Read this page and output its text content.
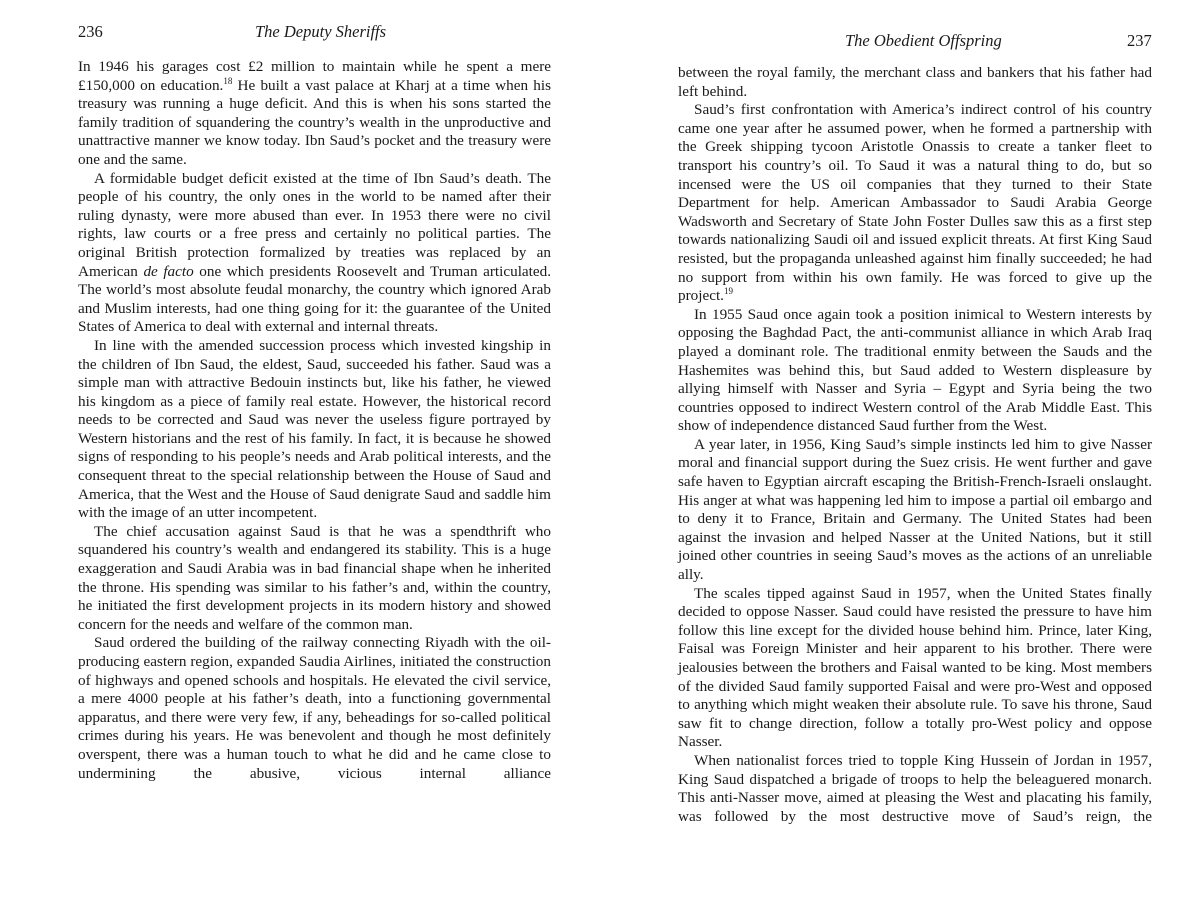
236	The Deputy Sheriffs

In 1946 his garages cost £2 million to maintain while he spent a mere £150,000 on education.$^{18}$ He built a vast palace at Kharj at a time when his treasury was running a huge deficit. And this is when his sons started the family tradition of squandering the country’s wealth in the unproductive and unattractive manner we know today. Ibn Saud’s pocket and the treasury were one and the same.

A formidable budget deficit existed at the time of Ibn Saud’s death. The people of his country, the only ones in the world to be named after their ruling dynasty, were more abused than ever. In 1953 there were no civil rights, law courts or a free press and certainly no political parties. The original British protection formalized by treaties was replaced by an American de facto one which presidents Roosevelt and Truman articulated. The world’s most absolute feudal monarchy, the country which ignored Arab and Muslim interests, had one thing going for it: the guarantee of the United States of America to deal with external and internal threats.

In line with the amended succession process which invested kingship in the children of Ibn Saud, the eldest, Saud, succeeded his father. Saud was a simple man with attractive Bedouin instincts but, like his father, he viewed his kingdom as a piece of family real estate. However, the historical record needs to be corrected and Saud was never the useless figure portrayed by Western historians and the rest of his family. In fact, it is because he showed signs of responding to his people’s needs and Arab political interests, and the consequent threat to the special relationship between the House of Saud and America, that the West and the House of Saud denigrate Saud and saddle him with the image of an utter incompetent.

The chief accusation against Saud is that he was a spendthrift who squandered his country’s wealth and endangered its stability. This is a huge exaggeration and Saudi Arabia was in bad financial shape when he inherited the throne. His spending was similar to his father’s and, within the country, he initiated the first development projects in its modern history and showed concern for the needs and welfare of the common man.

Saud ordered the building of the railway connecting Riyadh with the oil-producing eastern region, expanded Saudia Airlines, initiated the construction of highways and opened schools and hospitals. He elevated the civil service, a mere 4000 people at his father’s death, into a functioning governmental apparatus, and there were very few, if any, beheadings for so-called political crimes during his years. He was benevolent and though he most definitely overspent, there was a human touch to what he did and he came close to undermining the abusive, vicious internal alliance

The Obedient Offspring	237

between the royal family, the merchant class and bankers that his father had left behind.

Saud’s first confrontation with America’s indirect control of his country came one year after he assumed power, when he formed a partnership with the Greek shipping tycoon Aristotle Onassis to create a tanker fleet to transport his country’s oil. To Saud it was a natural thing to do, but so incensed were the US oil companies that they turned to their State Department for help. American Ambassador to Saudi Arabia George Wadsworth and Secretary of State John Foster Dulles saw this as a first step towards nationalizing Saudi oil and issued explicit threats. At first King Saud resisted, but the propaganda unleashed against him finally succeeded; he had no support from within his own family. He was forced to give up the project.$^{19}$

In 1955 Saud once again took a position inimical to Western interests by opposing the Baghdad Pact, the anti-communist alliance in which Arab Iraq played a dominant role. The traditional enmity between the Sauds and the Hashemites was behind this, but Saud added to Western displeasure by allying himself with Nasser and Syria – Egypt and Syria being the two countries opposed to indirect Western control of the Arab Middle East. This show of independence distanced Saud further from the West.

A year later, in 1956, King Saud’s simple instincts led him to give Nasser moral and financial support during the Suez crisis. He went further and gave safe haven to Egyptian aircraft escaping the British-French-Israeli onslaught. His anger at what was happening led him to impose a partial oil embargo and to deny it to France, Britain and Germany. The United States had been against the invasion and helped Nasser at the United Nations, but it still joined other countries in seeing Saud’s moves as the actions of an unreliable ally.

The scales tipped against Saud in 1957, when the United States finally decided to oppose Nasser. Saud could have resisted the pressure to have him follow this line except for the divided house behind him. Prince, later King, Faisal was Foreign Minister and heir apparent to his brother. There were jealousies between the brothers and Faisal wanted to be king. Most members of the divided Saud family supported Faisal and were pro-West and opposed to anything which might weaken their absolute rule. To save his throne, Saud saw fit to change direction, follow a totally pro-West policy and oppose Nasser.

When nationalist forces tried to topple King Hussein of Jordan in 1957, King Saud dispatched a brigade of troops to help the beleaguered monarch. This anti-Nasser move, aimed at pleasing the West and placating his family, was followed by the most destructive move of Saud’s reign, the
